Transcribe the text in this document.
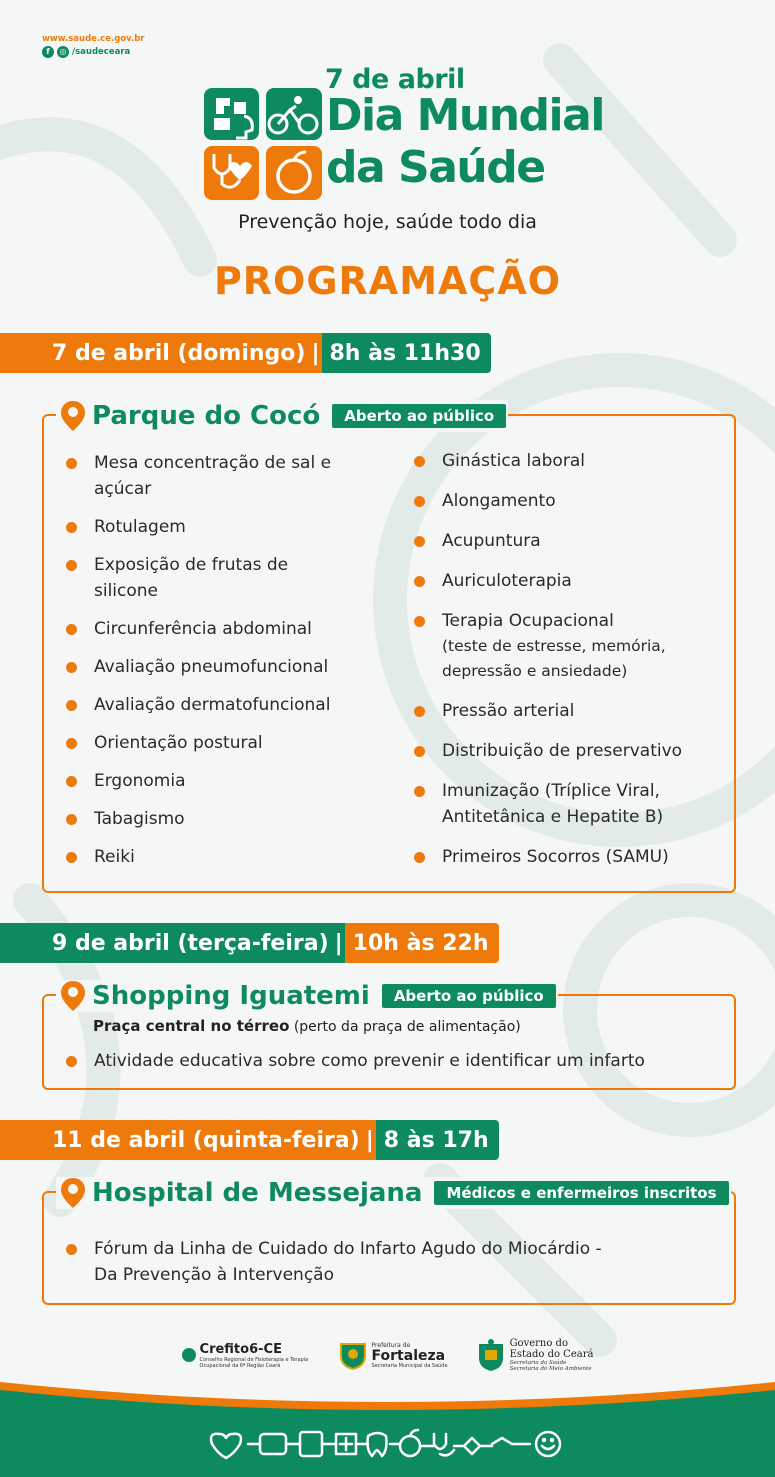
www.saude.ce.gov.br
f	◎ /saudeceara
7 de abril
Dia Mundial
da Saúde
Prevenção hoje, saúde todo dia
PROGRAMAÇÃO
7 de abril (domingo) | 8h às 11h30
Parque do Cocó	Aberto ao público
Mesa concentração de sal e açúcar
Rotulagem
Exposição de frutas de silicone
Circunferência abdominal
Avaliação pneumofuncional
Avaliação dermatofuncional
Orientação postural
Ergonomia
Tabagismo
Reiki
Ginástica laboral
Alongamento
Acupuntura
Auriculoterapia
Terapia Ocupacional
(teste de estresse, memória, depressão e ansiedade)
Pressão arterial
Distribuição de preservativo
Imunização (Tríplice Viral, Antitetânica e Hepatite B)
Primeiros Socorros (SAMU)
9 de abril (terça-feira) | 10h às 22h
Shopping Iguatemi	Aberto ao público
Praça central no térreo (perto da praça de alimentação)
Atividade educativa sobre como prevenir e identificar um infarto
11 de abril (quinta-feira) | 8 às 17h
Hospital de Messejana	Médicos e enfermeiros inscritos
Fórum da Linha de Cuidado do Infarto Agudo do Miocárdio - Da Prevenção à Intervenção
Crefito6-CE
Conselho Regional de Fisioterapia e Terapia Ocupacional da 6ª Região Ceará
Prefeitura de
Fortaleza
Secretaria Municipal da Saúde
Governo do
Estado do Ceará
Secretaria da Saúde
Secretaria do Meio Ambiente
